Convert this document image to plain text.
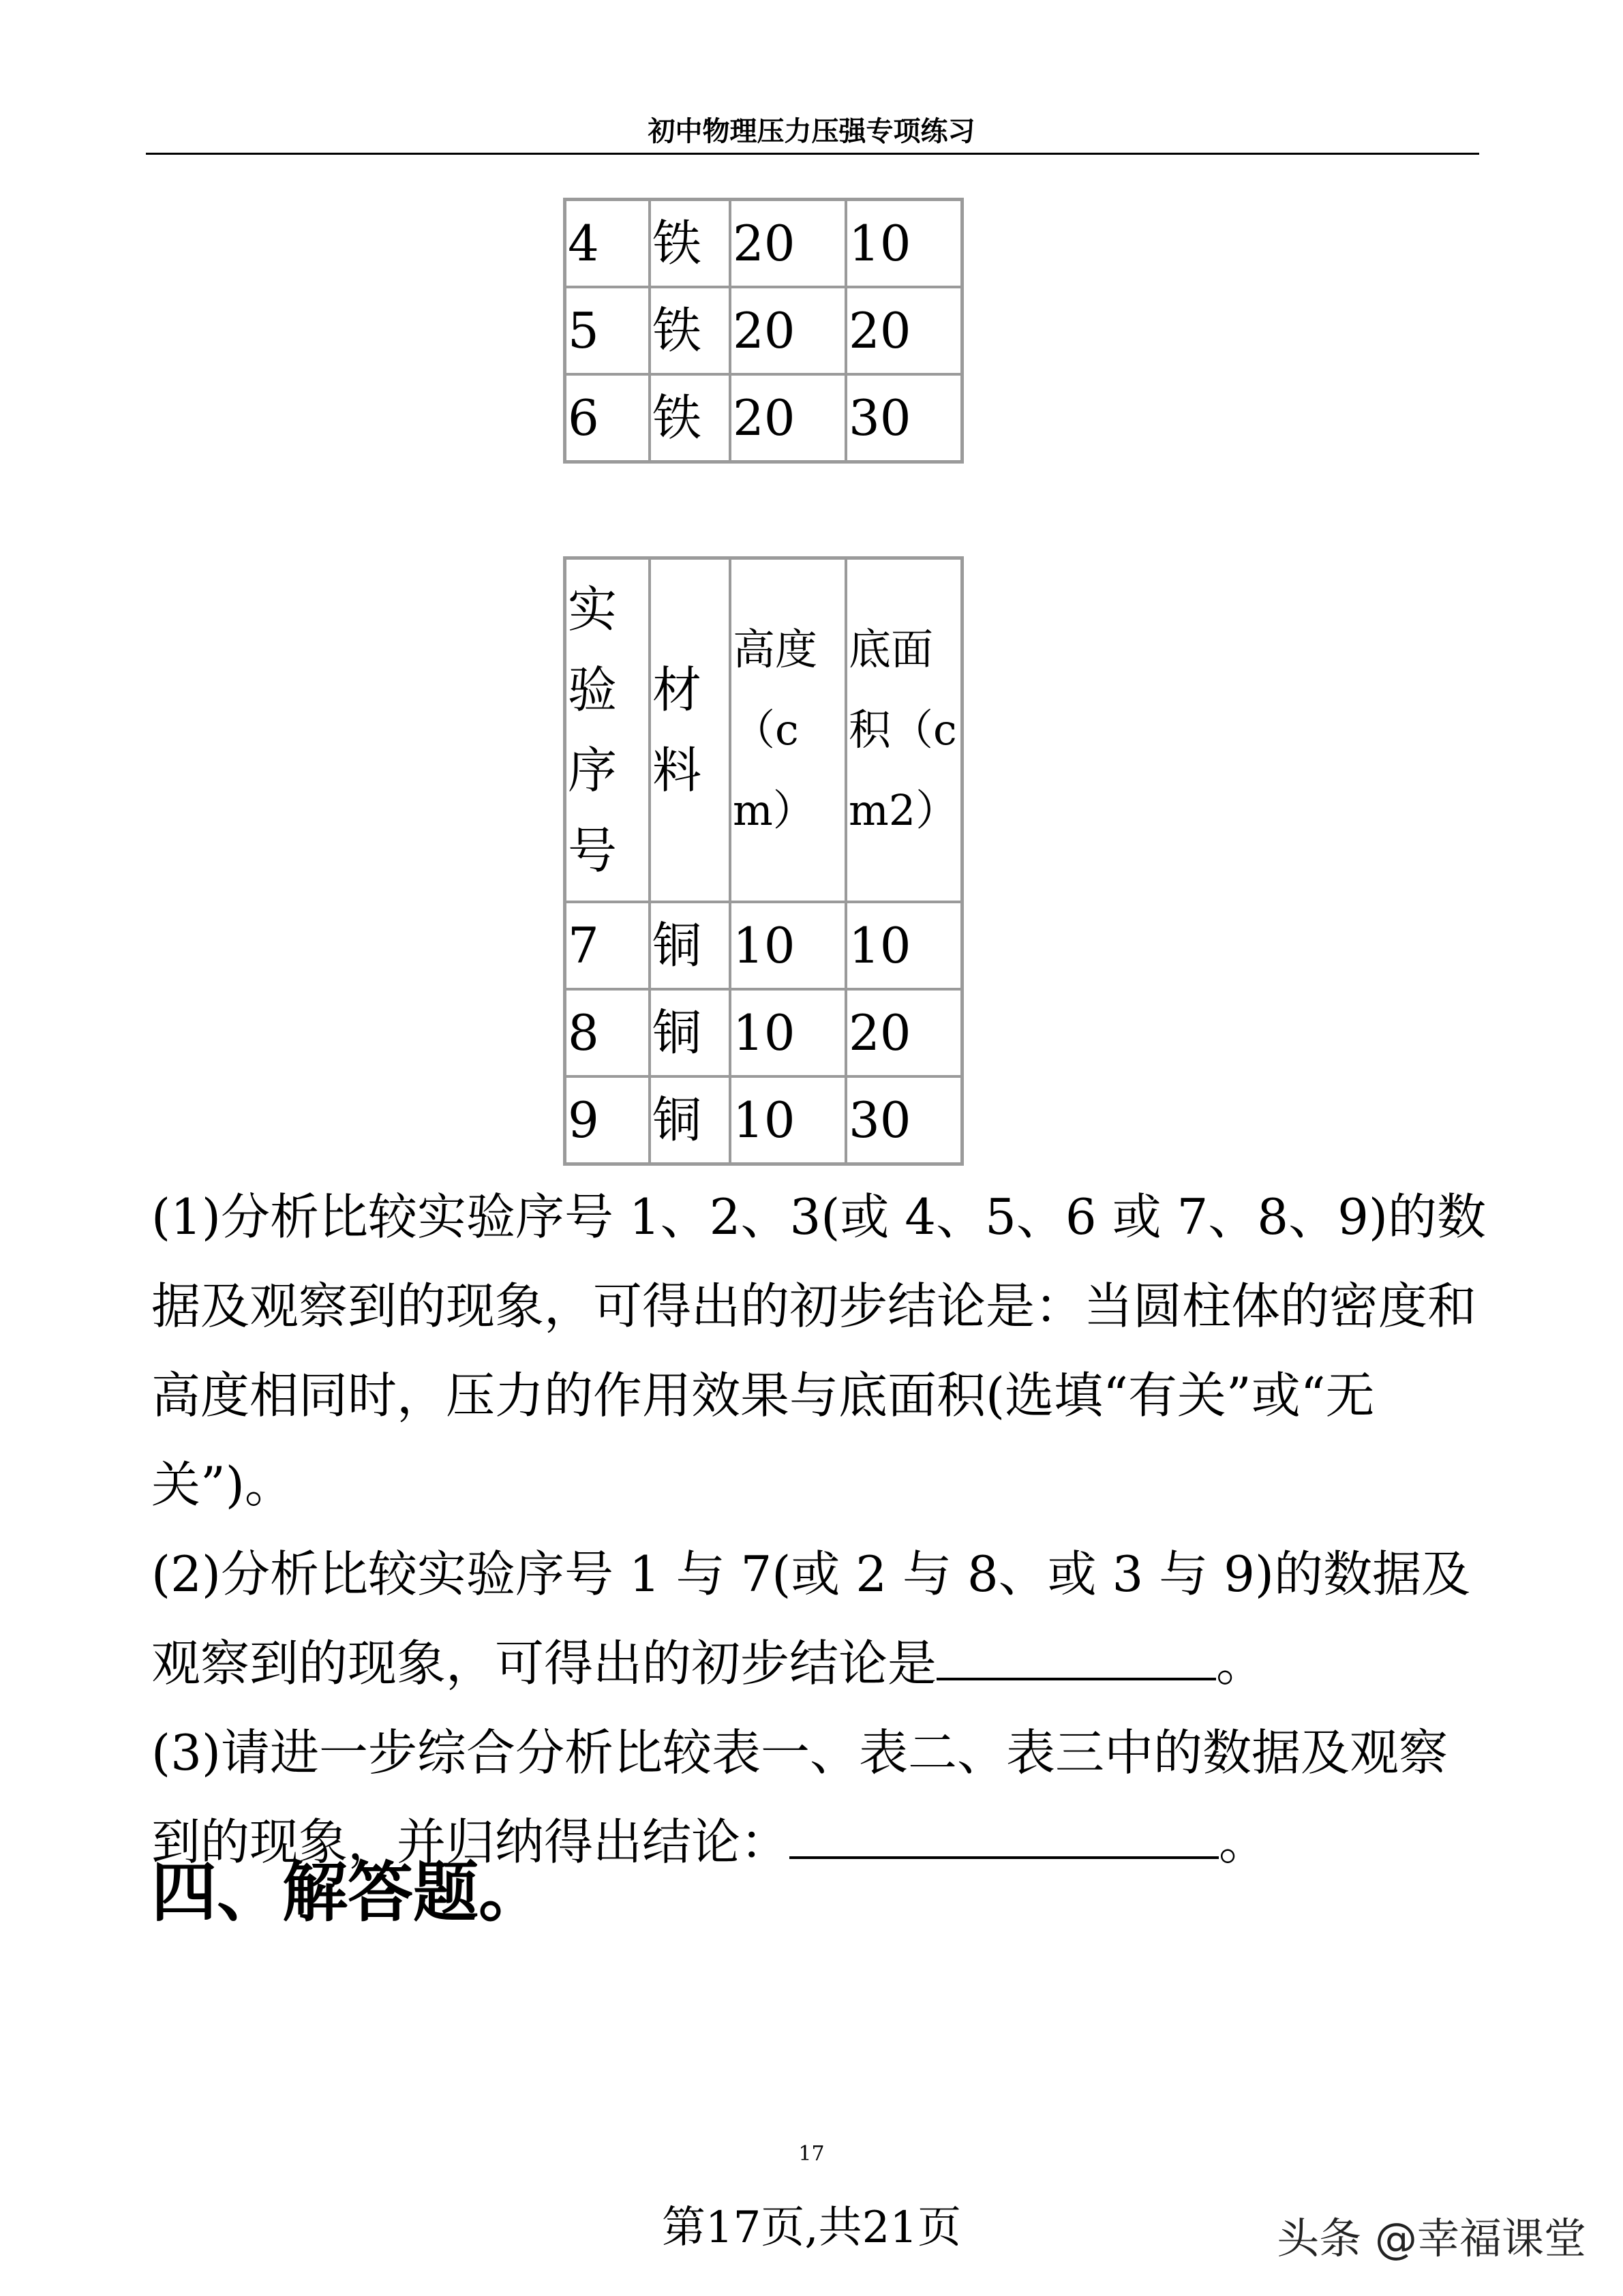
初中物理压力压强专项练习
4	铁	20	10
5	铁	20	20
6	铁	20	30
实验序号	材料	高度（cm）	底面积（cm2）

7	铜	10	10
8	铜	10	20
9	铜	10	30

(1)分析比较实验序号 1、2、3(或 4、5、6 或 7、8、9)的数据及观察到的现象，可得出的初步结论是：当圆柱体的密度和高度相同时，压力的作用效果与底面积(选填“有关”或“无关”)。

(2)分析比较实验序号 1 与 7(或 2 与 8、或 3 与 9)的数据及观察到的现象，可得出的初步结论是	。

(3)请进一步综合分析比较表一、表二、表三中的数据及观察到的现象，并归纳得出结论：	。

四、解答题。
17
第17页,共21页	头条 @幸福课堂
